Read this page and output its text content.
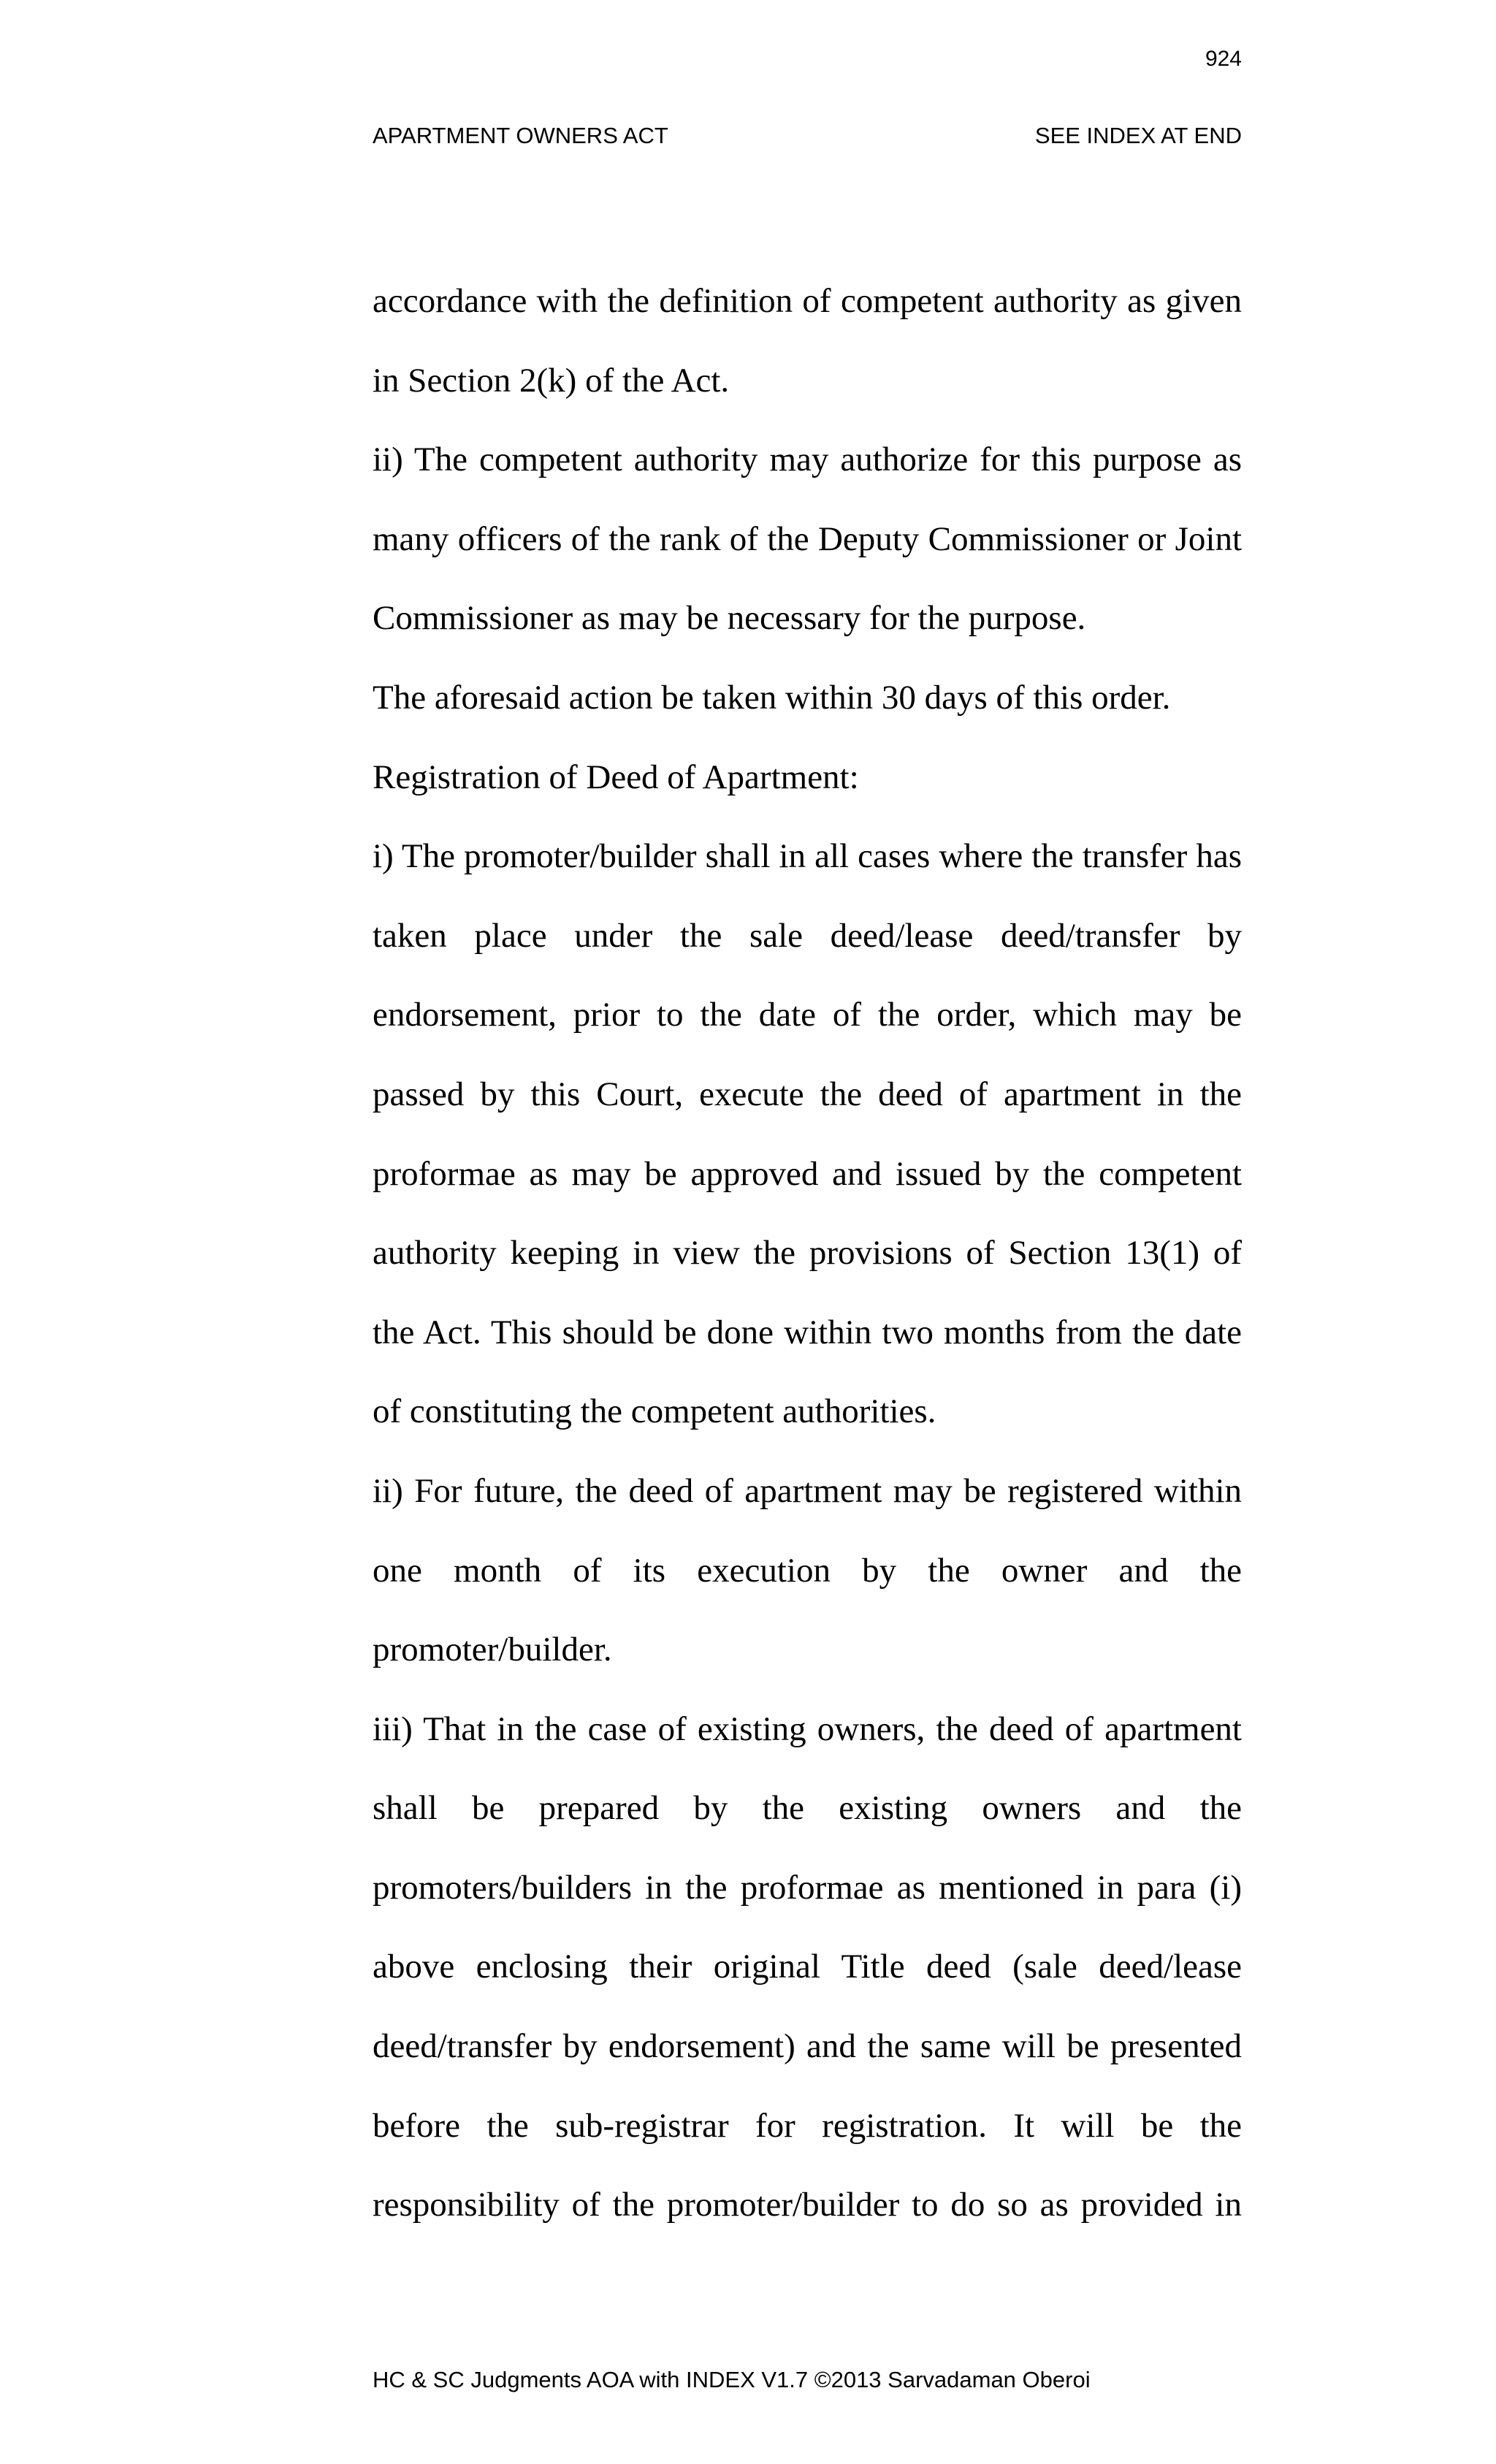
924
APARTMENT OWNERS ACT	SEE INDEX AT END

accordance with the definition of competent authority as given in Section 2(k) of the Act.

ii) The competent authority may authorize for this purpose as many officers of the rank of the Deputy Commissioner or Joint Commissioner as may be necessary for the purpose.

The aforesaid action be taken within 30 days of this order.

Registration of Deed of Apartment:

i) The promoter/builder shall in all cases where the transfer has taken place under the sale deed/lease deed/transfer by endorsement, prior to the date of the order, which may be passed by this Court, execute the deed of apartment in the proformae as may be approved and issued by the competent authority keeping in view the provisions of Section 13(1) of the Act. This should be done within two months from the date of constituting the competent authorities.

ii) For future, the deed of apartment may be registered within one month of its execution by the owner and the promoter/builder.

iii) That in the case of existing owners, the deed of apartment shall be prepared by the existing owners and the promoters/builders in the proformae as mentioned in para (i) above enclosing their original Title deed (sale deed/lease deed/transfer by endorsement) and the same will be presented before the sub-registrar for registration. It will be the responsibility of the promoter/builder to do so as provided in

HC & SC Judgments AOA with INDEX V1.7 ©2013 Sarvadaman Oberoi
